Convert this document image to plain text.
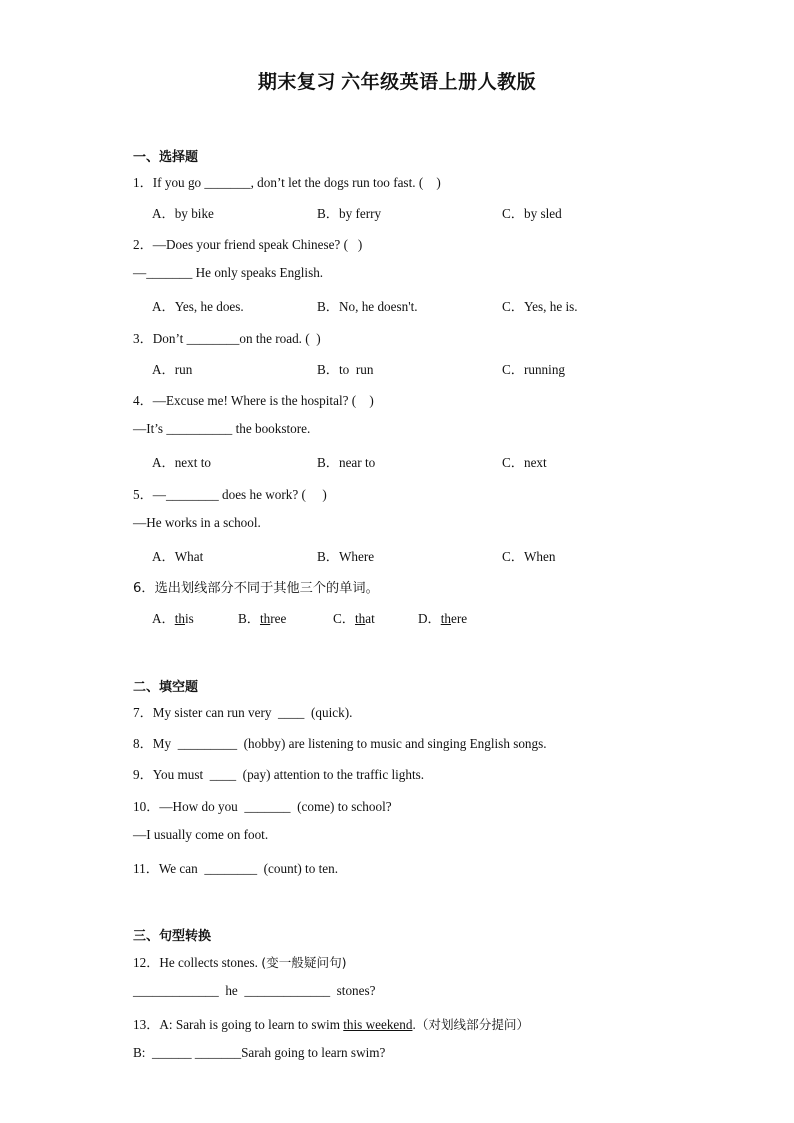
期末复习 六年级英语上册人教版
一、选择题
1．If you go _______, don’t let the dogs run too fast. (    )
A．by bike	B．by ferry	C．by sled
2．—Does your friend speak Chinese? (   )
—_______ He only speaks English.
A．Yes, he does.	B．No, he doesn't.	C．Yes, he is.
3．Don’t ________on the road. (  )
A．run	B．to  run	C．running
4．—Excuse me! Where is the hospital? (    )
—It’s __________ the bookstore.
A．next to	B．near to	C．next
5．—________ does he work? (     )
—He works in a school.
A．What	B．Where	C．When
6．选出划线部分不同于其他三个的单词。
A．this	B．three	C．that	D．there
二、填空题
7．My sister can run very  ____  (quick).
8．My  _________  (hobby) are listening to music and singing English songs.
9．You must  ____  (pay) attention to the traffic lights.
10．—How do you  _______  (come) to school?
—I usually come on foot.
11．We can  ________  (count) to ten.
三、句型转换
12．He collects stones. (变一般疑问句)
_____________  he  _____________  stones?
13．A: Sarah is going to learn to swim this weekend.（对划线部分提问）
B:  ______ _______Sarah going to learn swim?
